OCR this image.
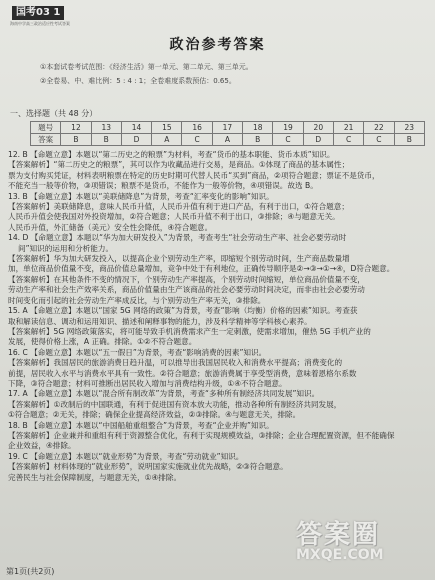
国考03 1
海南中学高三政治适应性考试答案
政治参考答案
①本套试卷考试范围：《经济生活》第一单元、第二单元、第三单元。
②全卷易、中、难比例：5 : 4 : 1；全卷难度系数预估：0.65。
一、选择题（共 48 分）
题号	12	13	14	15	16	17	18	19	20	21	22	23
答案	B	B	D	A	C	A	B	C	D	C	C	B

12. B 【命题立意】本题以“第二历史之的粮票”为材料，考查“货币的基本职能、货币本质”知识。

【答案解析】“第二历史之的粮票”，其可以作为收藏品进行交易，是商品。①体现了商品的基本属性；

票为支付购买凭证，材料表明粮票在特定的历史时期可代替人民币“买到”商品，②项符合题意；票证不是货币，

不能充当一般等价物，③项错误；粮票不是货币，不能作为一般等价物，④项错误。故选 B。

13. B 【命题立意】本题以“美联储降息”为背景，考查“汇率变化的影响”知识。

【答案解析】美联储降息，意味人民币升值，人民币升值有利于进口产品，有利于出口，①符合题意；

人民币升值会使我国对外投资增加，②符合题意；人民币升值不利于出口，③排除；④与题意无关。

人民币升值，外汇储备（美元）安全性会降低，④符合题意。

14. D 【命题立意】本题以“华为加大研发投入”为背景，考查考生“社会劳动生产率、社会必要劳动时

间”知识的运用和分析能力。

【答案解析】华为加大研发投入，以提高企业个别劳动生产率，即缩短个别劳动时间，生产商品数量增

加，单位商品价值量不变，商品价值总量增加，竞争中处于有利地位，正确传导顺序是②→③→①→④，D符合题意。

【答案解析】在其他条件不变的情况下，个别劳动生产率提高，个别劳动时间缩短，单位商品价值量不变，

劳动生产率和社会生产效率关系，商品价值量由生产该商品的社会必要劳动时间决定，而非由社会必要劳动

时间变化而引起的社会劳动生产率成反比，与个别劳动生产率无关，③排除。

15. A 【命题立意】本题以“国家 5G 网络的政策”为背景，考查“影响（均衡）价格的因素”知识。考查获

取和解读信息、调动和运用知识、描述和阐释事物的能力，涉及科学精神等学科核心素养。

【答案解析】5G 网络政策落实，将可能导致手机消费需求产生一定刺激，使需求增加，催热 5G 手机产业的

发展，使得价格上涨，A 正确。排除。①②不符合题意。

16. C 【命题立意】本题以“五一假日”为背景，考查“影响消费的因素”知识。

【答案解析】我国居民的旅游消费日趋升温，可以推导出我国居民收入和消费水平提高；消费变化的

前提，居民收入水平与消费水平具有一致性。②符合题意；旅游消费属于享受型消费，意味着恩格尔系数

下降，③符合题意；材料可推断出居民收入增加与消费结构升级，①④不符合题意。

17. A 【命题立意】本题以“混合所有制改革”为背景，考查“多种所有制经济共同发展”知识。

【答案解析】①改制后的中国联通，有利于促进国有资本放大功能，推动各种所有制经济共同发展，

①符合题意；②无关，排除；确保企业提高经济效益，②③排除。④与题意无关，排除。

18. B 【命题立意】本题以“中国船舶重组整合”为背景，考查“企业并购”知识。

【答案解析】企业兼并和重组有利于资源整合优化，有利于实现规模效益，③排除；企业合理配置资源，但不能确保

企业效益，④排除。

19. C 【命题立意】本题以“就业形势”为背景，考查“劳动就业”知识。

【答案解析】材料体现的“就业形势”，说明国家实施就业优先战略，②③符合题意。

完善民生与社会保障制度，与题意无关，①④排除。

第1页(共2页)
答案圈
MXQE.COM
